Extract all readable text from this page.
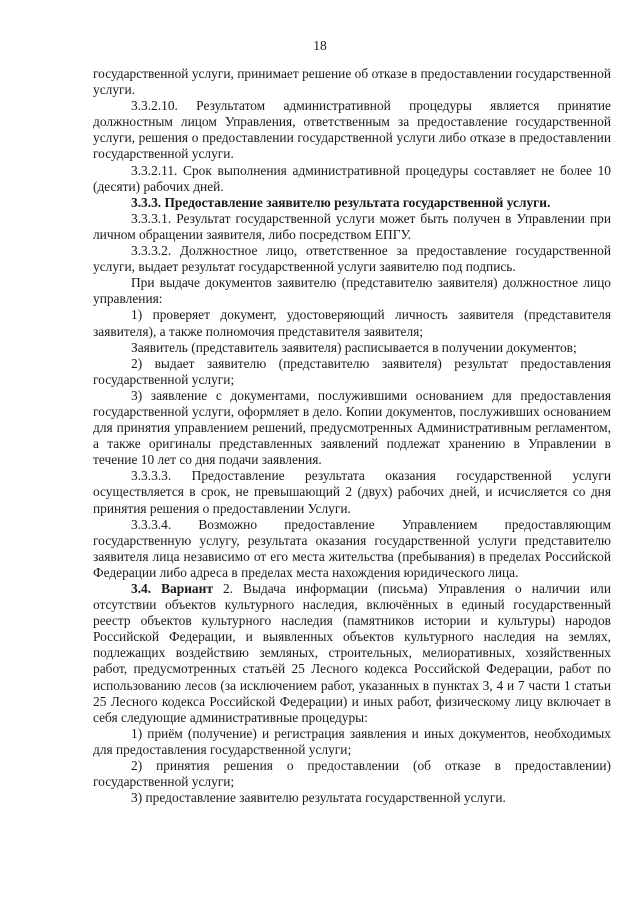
18

государственной услуги, принимает решение об отказе в предоставлении государственной услуги.

3.3.2.10. Результатом административной процедуры является принятие должностным лицом Управления, ответственным за предоставление государственной услуги, решения о предоставлении государственной услуги либо отказе в предоставлении государственной услуги.

3.3.2.11. Срок выполнения административной процедуры составляет не более 10 (десяти) рабочих дней.

3.3.3. Предоставление заявителю результата государственной услуги.

3.3.3.1. Результат государственной услуги может быть получен в Управлении при личном обращении заявителя, либо посредством ЕПГУ.

3.3.3.2. Должностное лицо, ответственное за предоставление государственной услуги, выдает результат государственной услуги заявителю под подпись.

При выдаче документов заявителю (представителю заявителя) должностное лицо управления:

1) проверяет документ, удостоверяющий личность заявителя (представителя заявителя), а также полномочия представителя заявителя;

Заявитель (представитель заявителя) расписывается в получении документов;

2) выдает заявителю (представителю заявителя) результат предоставления государственной услуги;

3) заявление с документами, послужившими основанием для предоставления государственной услуги, оформляет в дело. Копии документов, послуживших основанием для принятия управлением решений, предусмотренных Административным регламентом, а также оригиналы представленных заявлений подлежат хранению в Управлении в течение 10 лет со дня подачи заявления.

3.3.3.3. Предоставление результата оказания государственной услуги осуществляется в срок, не превышающий 2 (двух) рабочих дней, и исчисляется со дня принятия решения о предоставлении Услуги.

3.3.3.4. Возможно предоставление Управлением предоставляющим государственную услугу, результата оказания государственной услуги представителю заявителя лица независимо от его места жительства (пребывания) в пределах Российской Федерации либо адреса в пределах места нахождения юридического лица.

3.4. Вариант 2. Выдача информации (письма) Управления о наличии или отсутствии объектов культурного наследия, включённых в единый государственный реестр объектов культурного наследия (памятников истории и культуры) народов Российской Федерации, и выявленных объектов культурного наследия на землях, подлежащих воздействию земляных, строительных, мелиоративных, хозяйственных работ, предусмотренных статьёй 25 Лесного кодекса Российской Федерации, работ по использованию лесов (за исключением работ, указанных в пунктах 3, 4 и 7 части 1 статьи 25 Лесного кодекса Российской Федерации) и иных работ, физическому лицу включает в себя следующие административные процедуры:

1) приём (получение) и регистрация заявления и иных документов, необходимых для предоставления государственной услуги;

2) принятия решения о предоставлении (об отказе в предоставлении) государственной услуги;

3) предоставление заявителю результата государственной услуги.
